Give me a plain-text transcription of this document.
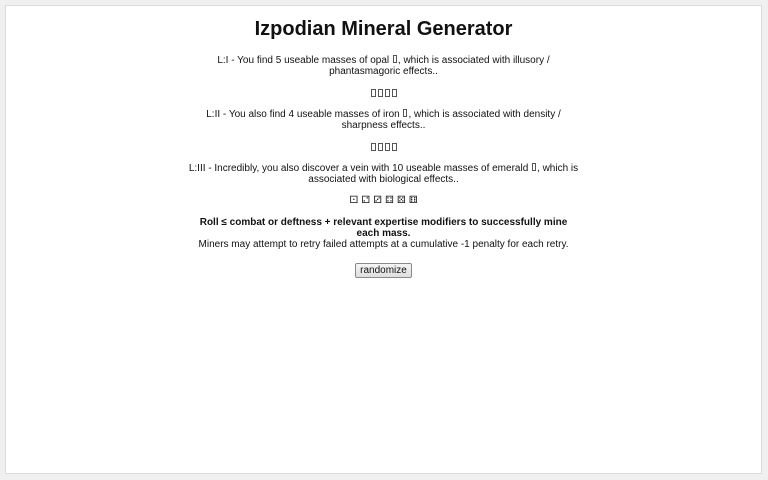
Izpodian Mineral Generator

L:I - You find 5 useable masses of opal , which is associated with illusory / phantasmagoric effects..

L:II - You also find 4 useable masses of iron , which is associated with density / sharpness effects..

L:III - Incredibly, you also discover a vein with 10 useable masses of emerald , which is associated with biological effects..

⚀ ⚁ ⚂ ⚃ ⚄ ⚅

Roll ≤ combat or deftness + relevant expertise modifiers to successfully mine each mass.

Miners may attempt to retry failed attempts at a cumulative -1 penalty for each retry.

randomize
